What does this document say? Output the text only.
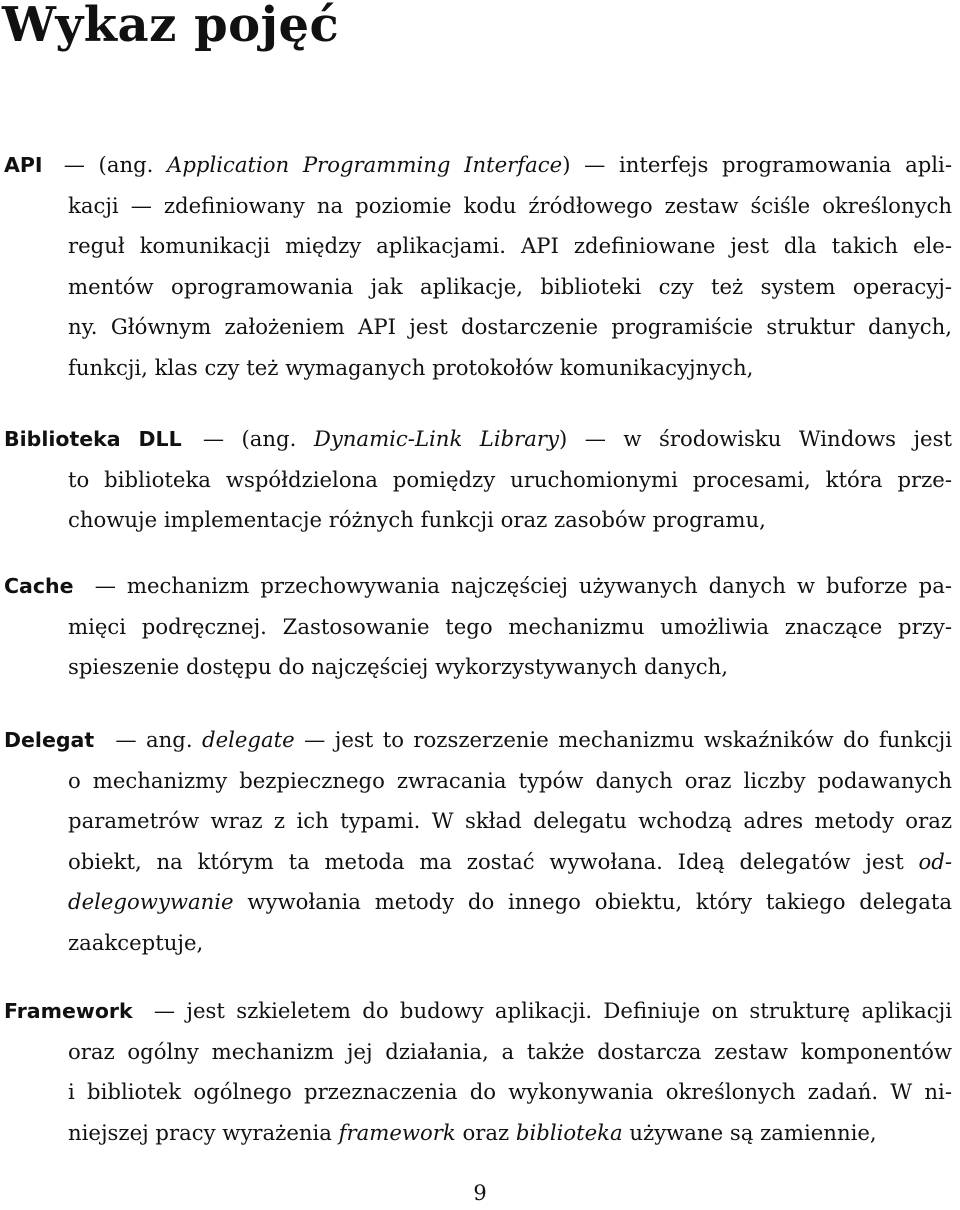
Wykaz pojęć
API  — (ang. Application Programming Interface) — interfejs programowania apli-
kacji — zdefiniowany na poziomie kodu źródłowego zestaw ściśle określonych
reguł komunikacji między aplikacjami. API zdefiniowane jest dla takich ele-
mentów oprogramowania jak aplikacje, biblioteki czy też system operacyj-
ny. Głównym założeniem API jest dostarczenie programiście struktur danych,
funkcji, klas czy też wymaganych protokołów komunikacyjnych,
Biblioteka DLL  — (ang. Dynamic-Link Library) — w środowisku Windows jest
to biblioteka współdzielona pomiędzy uruchomionymi procesami, która prze-
chowuje implementacje różnych funkcji oraz zasobów programu,
Cache  — mechanizm przechowywania najczęściej używanych danych w buforze pa-
mięci podręcznej. Zastosowanie tego mechanizmu umożliwia znaczące przy-
spieszenie dostępu do najczęściej wykorzystywanych danych,
Delegat  — ang. delegate — jest to rozszerzenie mechanizmu wskaźników do funkcji
o mechanizmy bezpiecznego zwracania typów danych oraz liczby podawanych
parametrów wraz z ich typami. W skład delegatu wchodzą adres metody oraz
obiekt, na którym ta metoda ma zostać wywołana. Ideą delegatów jest od-
delegowywanie wywołania metody do innego obiektu, który takiego delegata
zaakceptuje,
Framework  — jest szkieletem do budowy aplikacji. Definiuje on strukturę aplikacji
oraz ogólny mechanizm jej działania, a także dostarcza zestaw komponentów
i bibliotek ogólnego przeznaczenia do wykonywania określonych zadań. W ni-
niejszej pracy wyrażenia framework oraz biblioteka używane są zamiennie,
9
